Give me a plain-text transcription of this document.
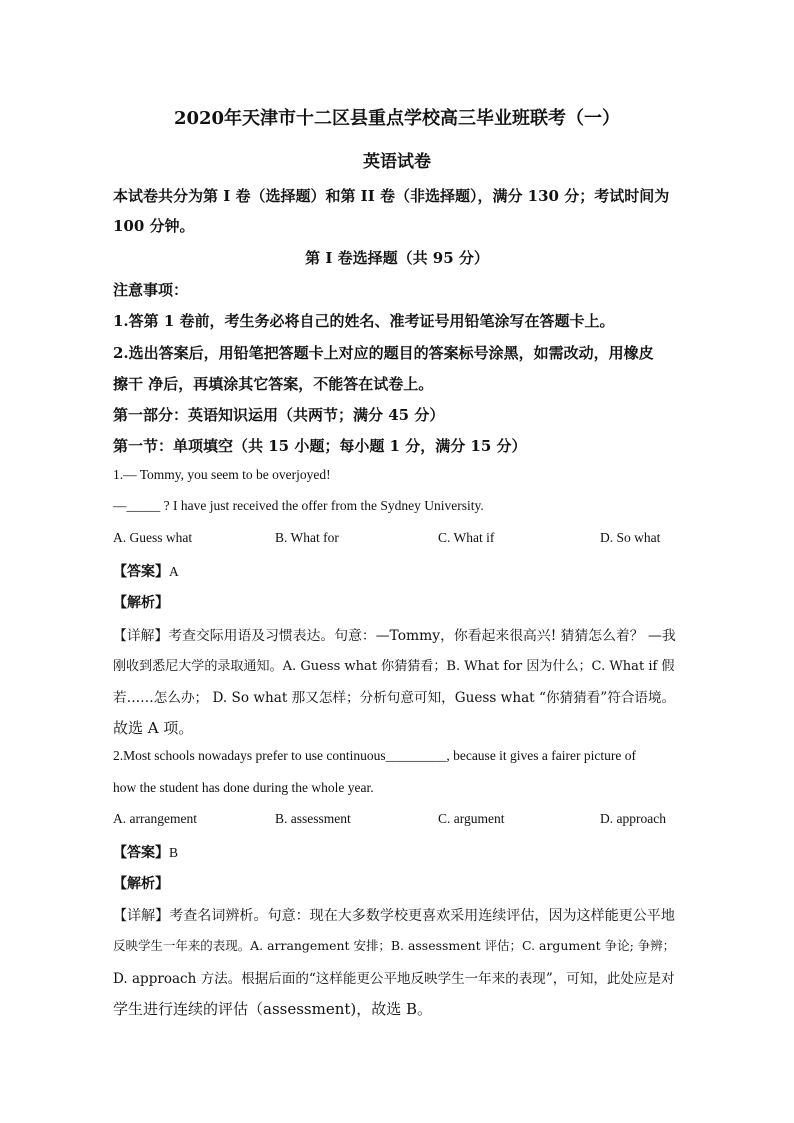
2020年天津市十二区县重点学校高三毕业班联考（一）
英语试卷
本试卷共分为第 I 卷（选择题）和第 II 卷（非选择题），满分 130 分；考试时间为
100 分钟。
第 I 卷选择题（共 95 分）
注意事项：
1.答第 1 卷前，考生务必将自己的姓名、准考证号用铅笔涂写在答题卡上。
2.选出答案后，用铅笔把答题卡上对应的题目的答案标号涂黑，如需改动，用橡皮
擦干 净后，再填涂其它答案，不能答在试卷上。
第一部分：英语知识运用（共两节；满分 45 分）
第一节：单项填空（共 15 小题；每小题 1 分，满分 15 分）
1.— Tommy, you seem to be overjoyed!
—_____ ? I have just received the offer from the Sydney University.
A. Guess what	B. What for	C. What if	D. So what
【答案】A
【解析】
【详解】考查交际用语及习惯表达。句意：—Tommy，你看起来很高兴! 猜猜怎么着？ —我
刚收到悉尼大学的录取通知。A. Guess what 你猜猜看；B. What for 因为什么；C. What if 假
若……怎么办； D. So what 那又怎样；分析句意可知，Guess what “你猜猜看”符合语境。
故选 A 项。
2.Most schools nowadays prefer to use continuous_________, because it gives a fairer picture of
how the student has done during the whole year.
A. arrangement	B. assessment	C. argument	D. approach
【答案】B
【解析】
【详解】考查名词辨析。句意：现在大多数学校更喜欢采用连续评估，因为这样能更公平地
反映学生一年来的表现。A. arrangement 安排；B. assessment 评估；C. argument 争论; 争辨；
D. approach 方法。根据后面的“这样能更公平地反映学生一年来的表现”，可知，此处应是对
学生进行连续的评估（assessment)，故选 B。
